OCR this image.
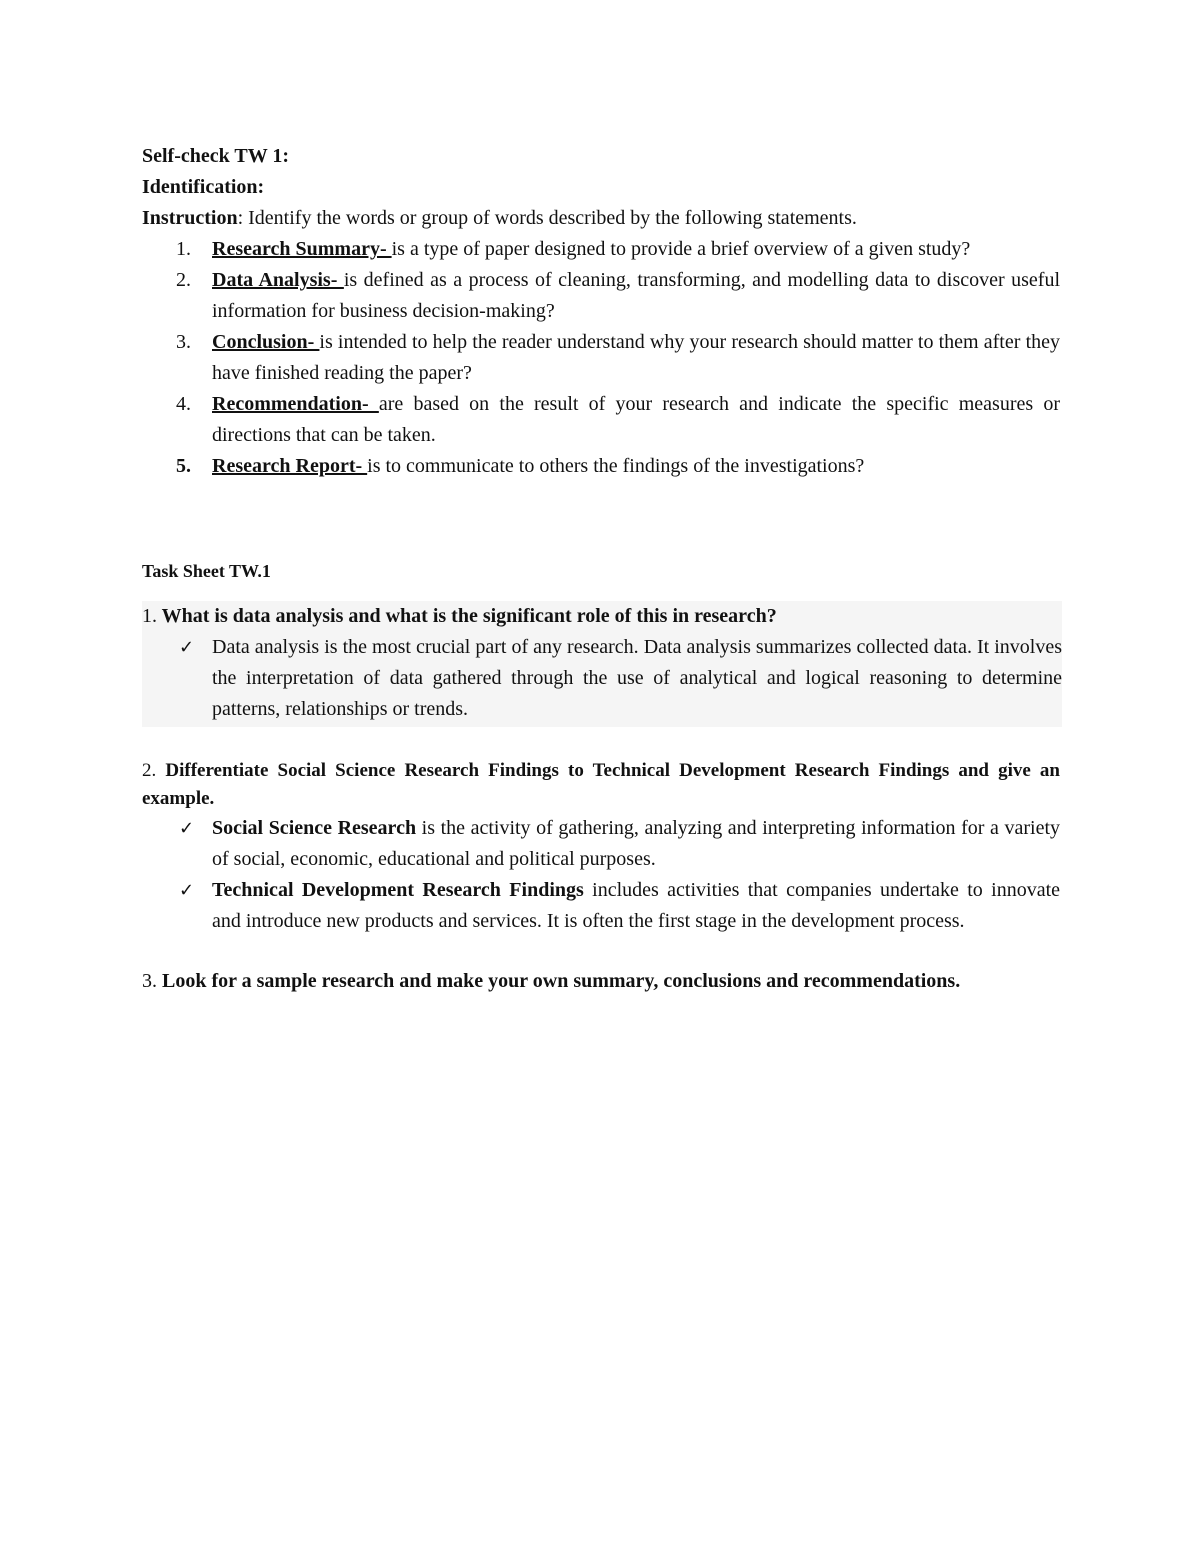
Self-check TW 1:

Identification:

Instruction: Identify the words or group of words described by the following statements.

1. Research Summary- is a type of paper designed to provide a brief overview of a given study?
2. Data Analysis- is defined as a process of cleaning, transforming, and modelling data to discover useful information for business decision-making?
3. Conclusion- is intended to help the reader understand why your research should matter to them after they have finished reading the paper?
4. Recommendation- are based on the result of your research and indicate the specific measures or directions that can be taken.
5. Research Report- is to communicate to others the findings of the investigations?

Task Sheet TW.1

1. What is data analysis and what is the significant role of this in research?

✓ Data analysis is the most crucial part of any research. Data analysis summarizes collected data. It involves the interpretation of data gathered through the use of analytical and logical reasoning to determine patterns, relationships or trends.

2. Differentiate Social Science Research Findings to Technical Development Research Findings and give an example.

✓ Social Science Research is the activity of gathering, analyzing and interpreting information for a variety of social, economic, educational and political purposes.

✓ Technical Development Research Findings includes activities that companies undertake to innovate and introduce new products and services. It is often the first stage in the development process.

3. Look for a sample research and make your own summary, conclusions and recommendations.
